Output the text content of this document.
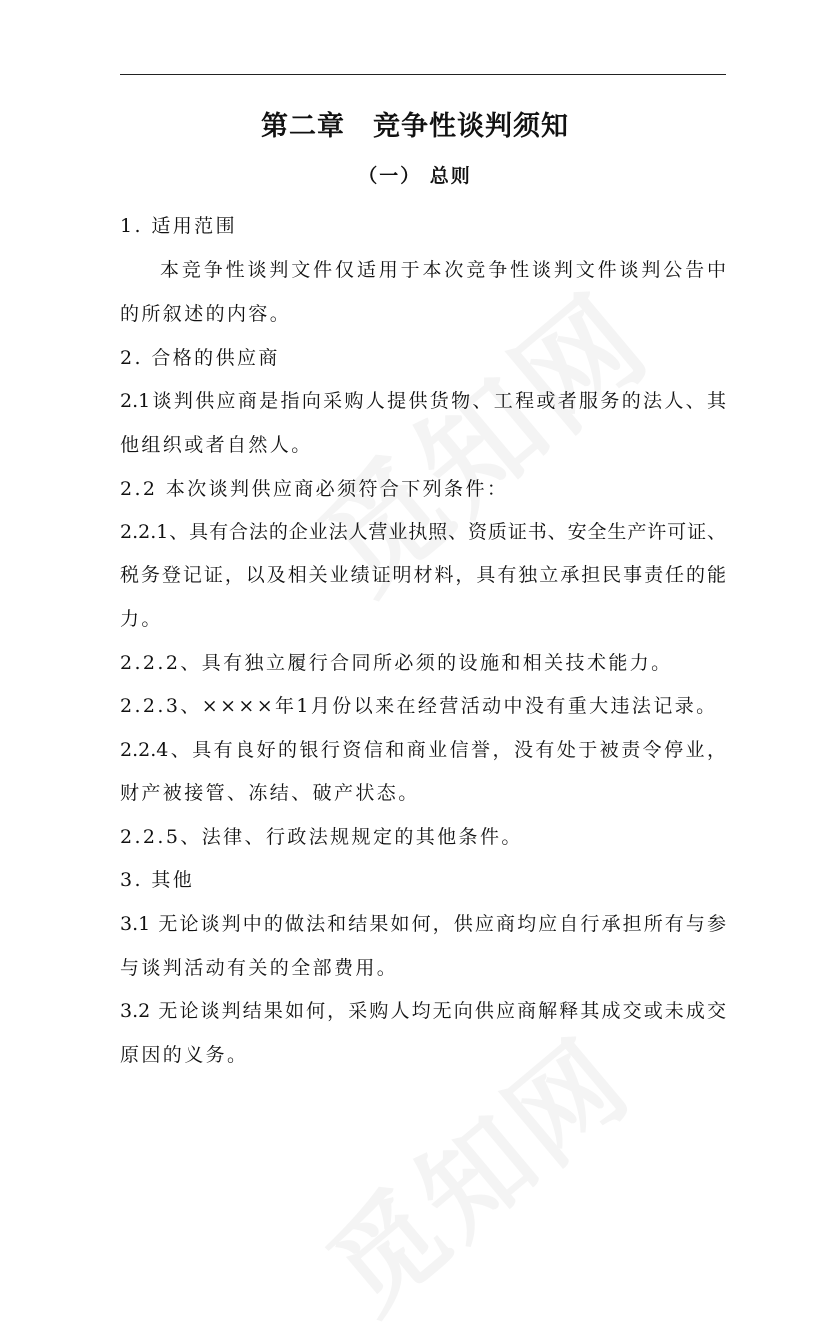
第二章　竞争性谈判须知
（一） 总则
1. 适用范围
本竞争性谈判文件仅适用于本次竞争性谈判文件谈判公告中
的所叙述的内容。
2. 合格的供应商
2.1谈判供应商是指向采购人提供货物、工程或者服务的法人、其
他组织或者自然人。
2.2 本次谈判供应商必须符合下列条件：
2.2.1、具有合法的企业法人营业执照、资质证书、安全生产许可证、
税务登记证，以及相关业绩证明材料，具有独立承担民事责任的能
力。
2.2.2、具有独立履行合同所必须的设施和相关技术能力。
2.2.3、××××年1月份以来在经营活动中没有重大违法记录。
2.2.4、具有良好的银行资信和商业信誉，没有处于被责令停业，
财产被接管、冻结、破产状态。
2.2.5、法律、行政法规规定的其他条件。
3. 其他
3.1 无论谈判中的做法和结果如何，供应商均应自行承担所有与参
与谈判活动有关的全部费用。
3.2 无论谈判结果如何，采购人均无向供应商解释其成交或未成交
原因的义务。
